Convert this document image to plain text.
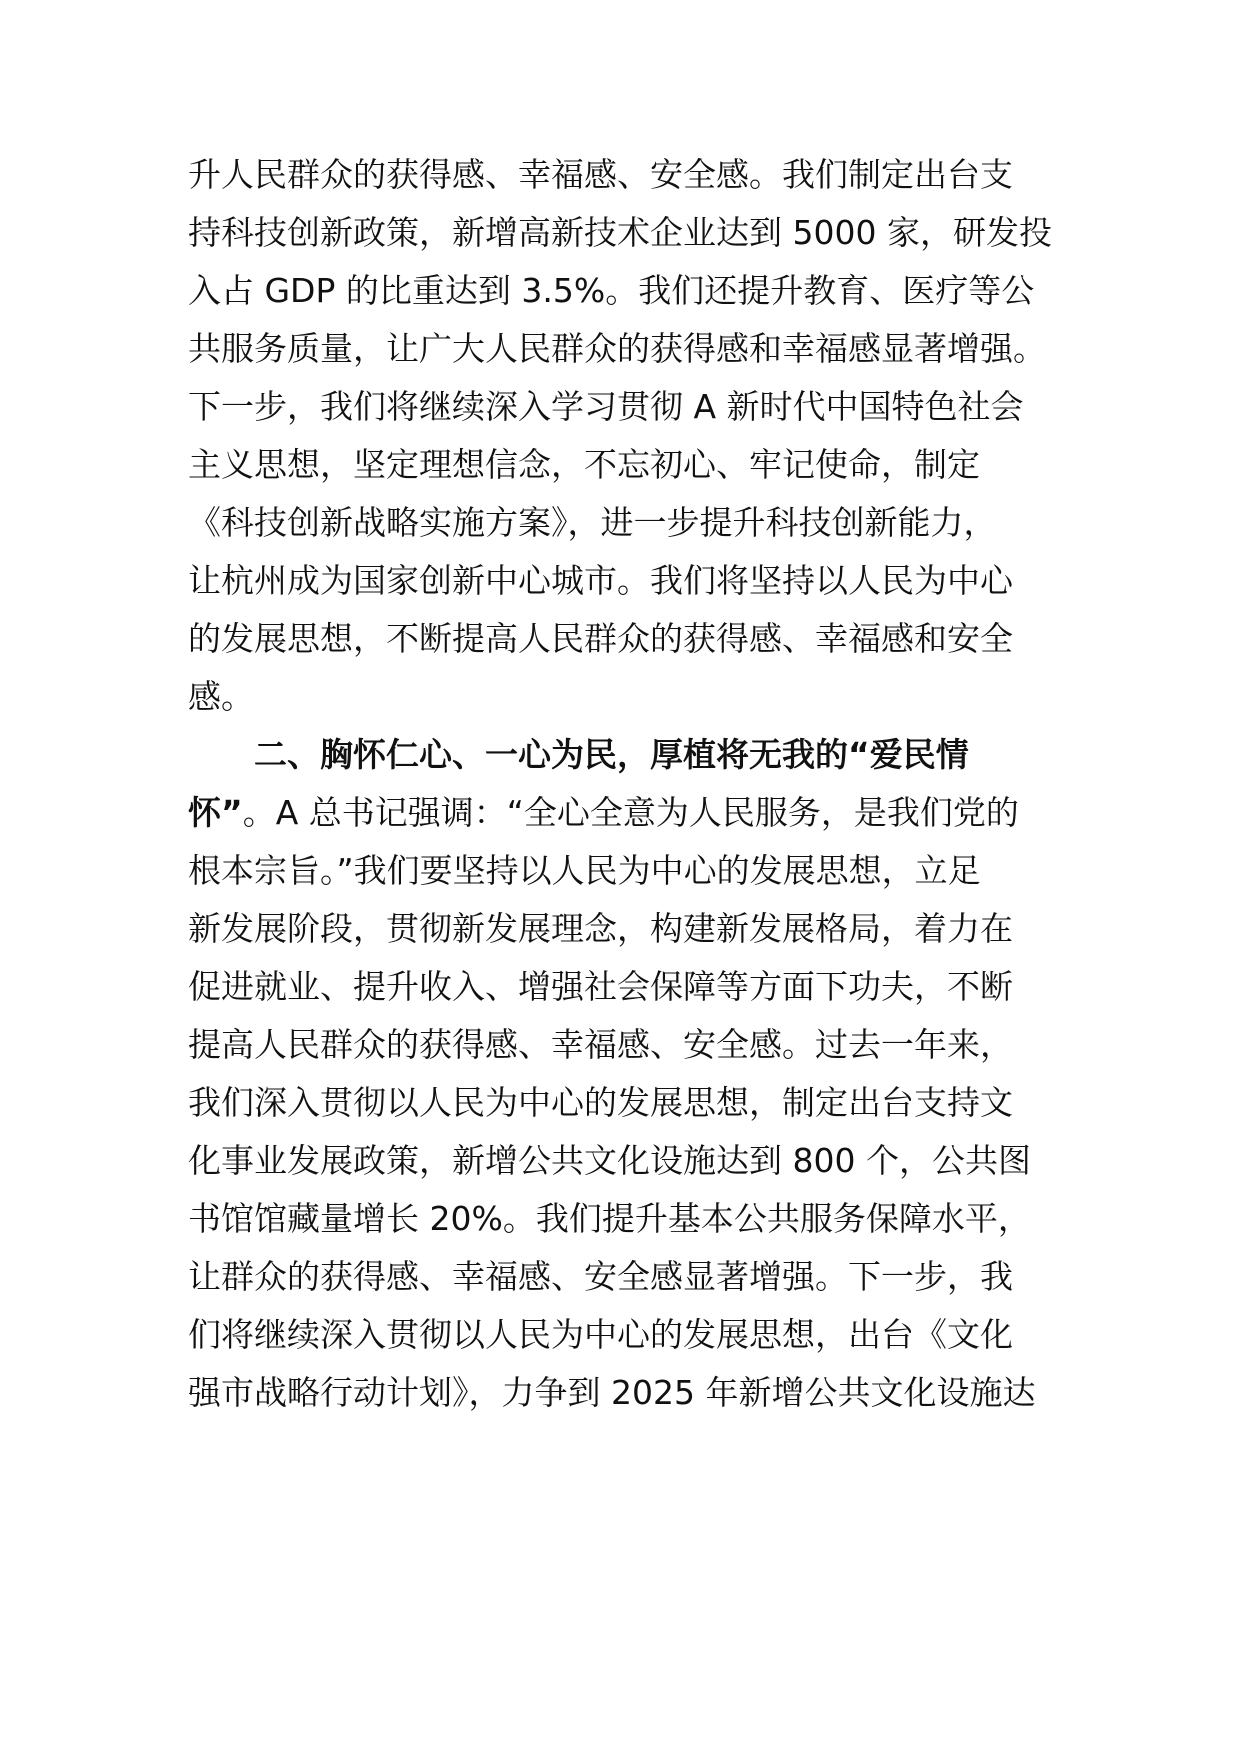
升人民群众的获得感、幸福感、安全感。我们制定出台支
持科技创新政策，新增高新技术企业达到 5000 家，研发投
入占 GDP 的比重达到 3.5%。我们还提升教育、医疗等公
共服务质量，让广大人民群众的获得感和幸福感显著增强。
下一步，我们将继续深入学习贯彻 A 新时代中国特色社会
主义思想，坚定理想信念，不忘初心、牢记使命，制定
《科技创新战略实施方案》，进一步提升科技创新能力，
让杭州成为国家创新中心城市。我们将坚持以人民为中心
的发展思想，不断提高人民群众的获得感、幸福感和安全
感。
二、胸怀仁心、一心为民，厚植将无我的“爱民情
怀”。A 总书记强调：“全心全意为人民服务，是我们党的
根本宗旨。”我们要坚持以人民为中心的发展思想，立足
新发展阶段，贯彻新发展理念，构建新发展格局，着力在
促进就业、提升收入、增强社会保障等方面下功夫，不断
提高人民群众的获得感、幸福感、安全感。过去一年来，
我们深入贯彻以人民为中心的发展思想，制定出台支持文
化事业发展政策，新增公共文化设施达到 800 个，公共图
书馆馆藏量增长 20%。我们提升基本公共服务保障水平，
让群众的获得感、幸福感、安全感显著增强。下一步，我
们将继续深入贯彻以人民为中心的发展思想，出台《文化
强市战略行动计划》，力争到 2025 年新增公共文化设施达
